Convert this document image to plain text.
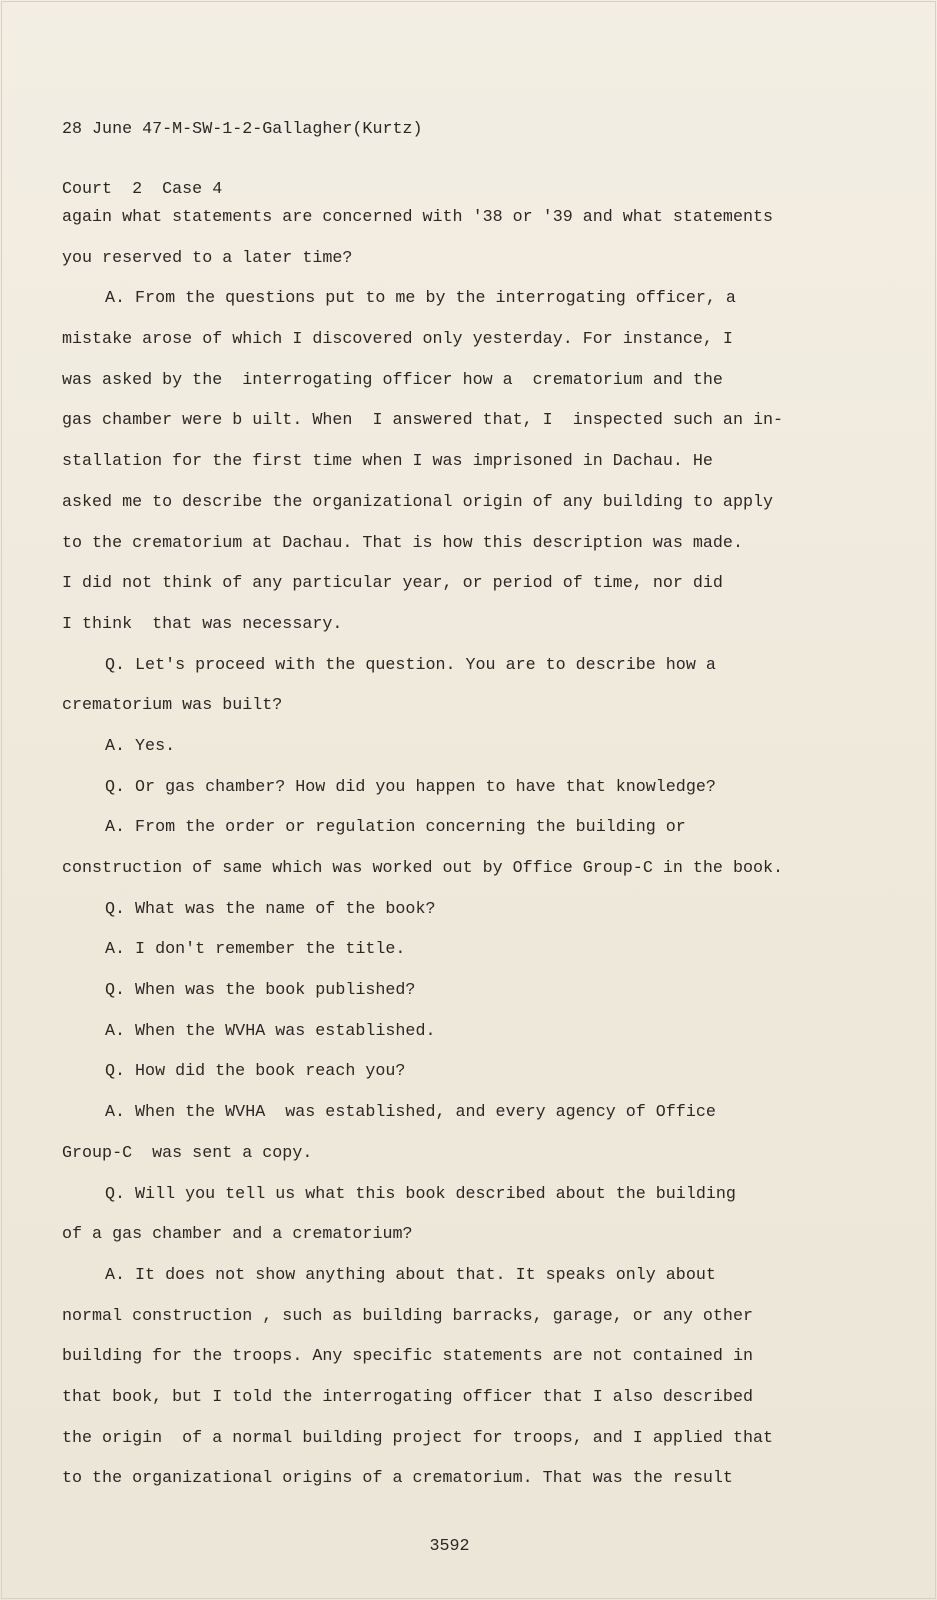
28 June 47-M-SW-1-2-Gallagher(Kurtz)

Court  2  Case 4

again what statements are concerned with '38 or '39 and what statements
you reserved to a later time?
A. From the questions put to me by the interrogating officer, a
mistake arose of which I discovered only yesterday. For instance, I
was asked by the  interrogating officer how a  crematorium and the
gas chamber were b uilt. When  I answered that, I  inspected such an in-
stallation for the first time when I was imprisoned in Dachau. He
asked me to describe the organizational origin of any building to apply
to the crematorium at Dachau. That is how this description was made.
I did not think of any particular year, or period of time, nor did
I think  that was necessary.
Q. Let's proceed with the question. You are to describe how a
crematorium was built?
A. Yes.
Q. Or gas chamber? How did you happen to have that knowledge?
A. From the order or regulation concerning the building or
construction of same which was worked out by Office Group-C in the book.
Q. What was the name of the book?
A. I don't remember the title.
Q. When was the book published?
A. When the WVHA was established.
Q. How did the book reach you?
A. When the WVHA  was established, and every agency of Office
Group-C  was sent a copy.
Q. Will you tell us what this book described about the building
of a gas chamber and a crematorium?
A. It does not show anything about that. It speaks only about
normal construction , such as building barracks, garage, or any other
building for the troops. Any specific statements are not contained in
that book, but I told the interrogating officer that I also described
the origin  of a normal building project for troops, and I applied that
to the organizational origins of a crematorium. That was the result
3592
